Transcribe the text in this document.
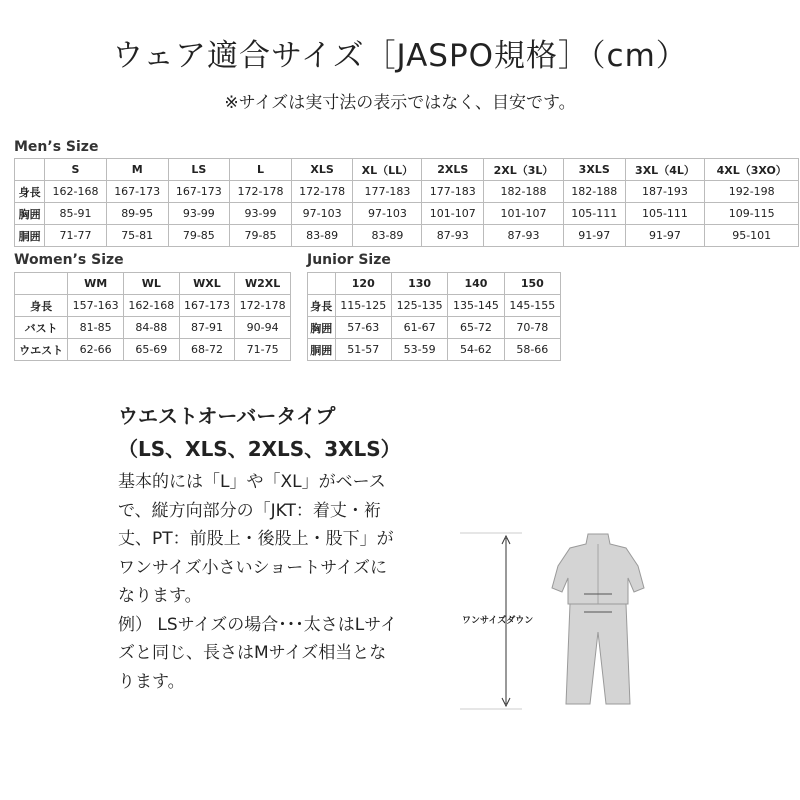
ウェア適合サイズ［JASPO規格］（cm）
※サイズは実寸法の表示ではなく、目安です。
Men’s Size
	S	M	LS	L	XLS	XL（LL）	2XLS	2XL（3L）	3XLS	3XL（4L）	4XL（3XO）
身長	162-168	167-173	167-173	172-178	172-178	177-183	177-183	182-188	182-188	187-193	192-198
胸囲	85-91	89-95	93-99	93-99	97-103	97-103	101-107	101-107	105-111	105-111	109-115
胴囲	71-77	75-81	79-85	79-85	83-89	83-89	87-93	87-93	91-97	91-97	95-101
Women’s Size
	WM	WL	WXL	W2XL
身長	157-163	162-168	167-173	172-178
バスト	81-85	84-88	87-91	90-94
ウエスト	62-66	65-69	68-72	71-75
Junior Size
	120	130	140	150
身長	115-125	125-135	135-145	145-155
胸囲	57-63	61-67	65-72	70-78
胴囲	51-57	53-59	54-62	58-66
ウエストオーバータイプ
（LS、XLS、2XLS、3XLS）

基本的には「L」や「XL」がベース

で、縦方向部分の「JKT：着丈・裄

丈、PT：前股上・後股上・股下」が

ワンサイズ小さいショートサイズに

なります。

例） LSサイズの場合･･･太さはLサイ

ズと同じ、長さはMサイズ相当とな

ります。

ワンサイズダウン
